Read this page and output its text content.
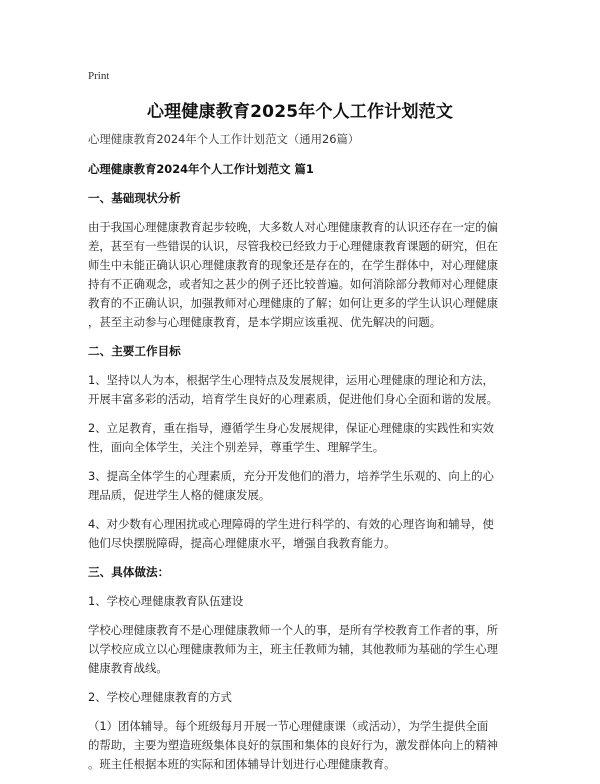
Print
心理健康教育2025年个人工作计划范文
心理健康教育2024年个人工作计划范文（通用26篇）
心理健康教育2024年个人工作计划范文 篇1
一、基础现状分析
由于我国心理健康教育起步较晚，大多数人对心理健康教育的认识还存在一定的偏
差，甚至有一些错误的认识，尽管我校已经致力于心理健康教育课题的研究，但在
师生中未能正确认识心理健康教育的现象还是存在的，在学生群体中，对心理健康
持有不正确观念，或者知之甚少的例子还比较普遍。如何消除部分教师对心理健康
教育的不正确认识，加强教师对心理健康的了解；如何让更多的学生认识心理健康
，甚至主动参与心理健康教育，是本学期应该重视、优先解决的问题。
二、主要工作目标
1、坚持以人为本，根据学生心理特点及发展规律，运用心理健康的理论和方法，
开展丰富多彩的活动，培育学生良好的心理素质，促进他们身心全面和谐的发展。
2、立足教育，重在指导，遵循学生身心发展规律，保证心理健康的实践性和实效
性，面向全体学生，关注个别差异，尊重学生、理解学生。
3、提高全体学生的心理素质，充分开发他们的潜力，培养学生乐观的、向上的心
理品质，促进学生人格的健康发展。
4、对少数有心理困扰或心理障碍的学生进行科学的、有效的心理咨询和辅导，使
他们尽快摆脱障碍，提高心理健康水平，增强自我教育能力。
三、具体做法：
1、学校心理健康教育队伍建设
学校心理健康教育不是心理健康教师一个人的事，是所有学校教育工作者的事，所
以学校应成立以心理健康教师为主，班主任教师为辅，其他教师为基础的学生心理
健康教育战线。
2、学校心理健康教育的方式
（1）团体辅导。每个班级每月开展一节心理健康课（或活动），为学生提供全面
的帮助，主要为塑造班级集体良好的氛围和集体的良好行为，激发群体向上的精神
。班主任根据本班的实际和团体辅导计划进行心理健康教育。
